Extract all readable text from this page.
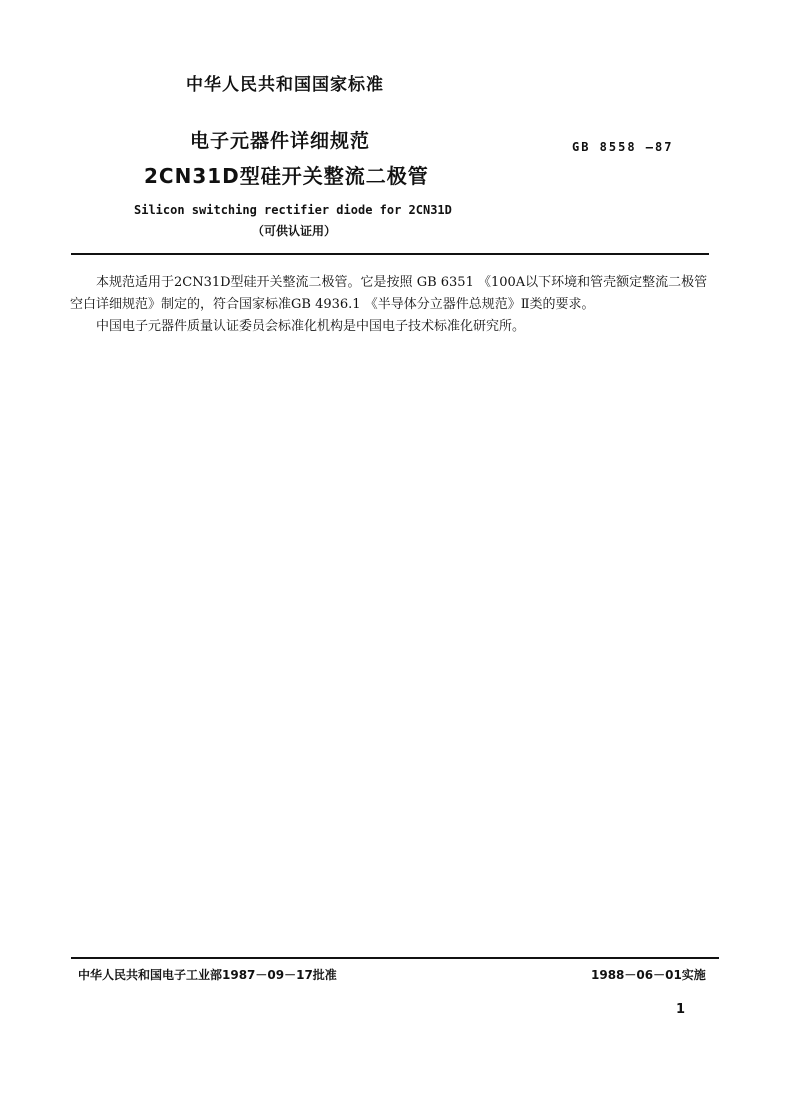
中华人民共和国国家标准
电子元器件详细规范	GB 8558 —87
2CN31D型硅开关整流二极管
Silicon switching rectifier diode for 2CN31D
（可供认证用）

本规范适用于2CN31D型硅开关整流二极管。它是按照 GB 6351 《100A以下环境和管壳额定整流二极管空白详细规范》制定的，符合国家标准GB 4936.1 《半导体分立器件总规范》Ⅱ类的要求。

中国电子元器件质量认证委员会标准化机构是中国电子技术标准化研究所。

中华人民共和国电子工业部1987－09－17批准	1988－06－01实施
1
